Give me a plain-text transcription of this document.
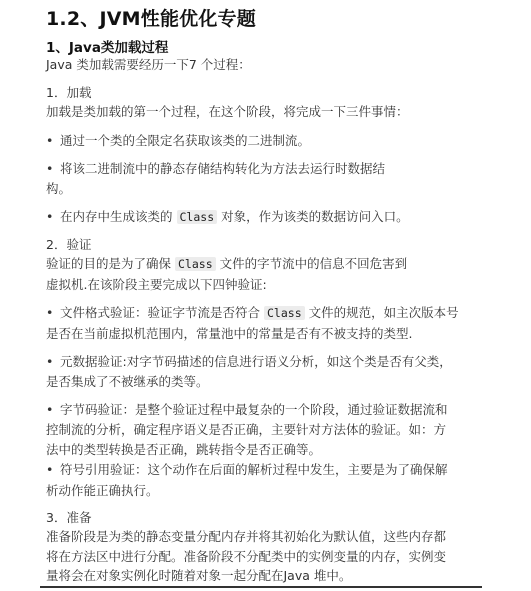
1.2、JVM性能优化专题
1、Java类加载过程
Java 类加载需要经历一下7 个过程：
1．加载
加载是类加载的第一个过程，在这个阶段，将完成一下三件事情：
• 通过一个类的全限定名获取该类的二进制流。
• 将该二进制流中的静态存储结构转化为方法去运行时数据结
构。
• 在内存中生成该类的 Class 对象，作为该类的数据访问入口。
2．验证
验证的目的是为了确保 Class 文件的字节流中的信息不回危害到
虚拟机.在该阶段主要完成以下四钟验证:
• 文件格式验证：验证字节流是否符合 Class 文件的规范，如主次版本号
是否在当前虚拟机范围内，常量池中的常量是否有不被支持的类型.
• 元数据验证:对字节码描述的信息进行语义分析，如这个类是否有父类，
是否集成了不被继承的类等。
• 字节码验证：是整个验证过程中最复杂的一个阶段，通过验证数据流和
控制流的分析，确定程序语义是否正确，主要针对方法体的验证。如：方
法中的类型转换是否正确，跳转指令是否正确等。
• 符号引用验证：这个动作在后面的解析过程中发生，主要是为了确保解
析动作能正确执行。
3．准备
准备阶段是为类的静态变量分配内存并将其初始化为默认值，这些内存都
将在方法区中进行分配。准备阶段不分配类中的实例变量的内存，实例变
量将会在对象实例化时随着对象一起分配在Java 堆中。
